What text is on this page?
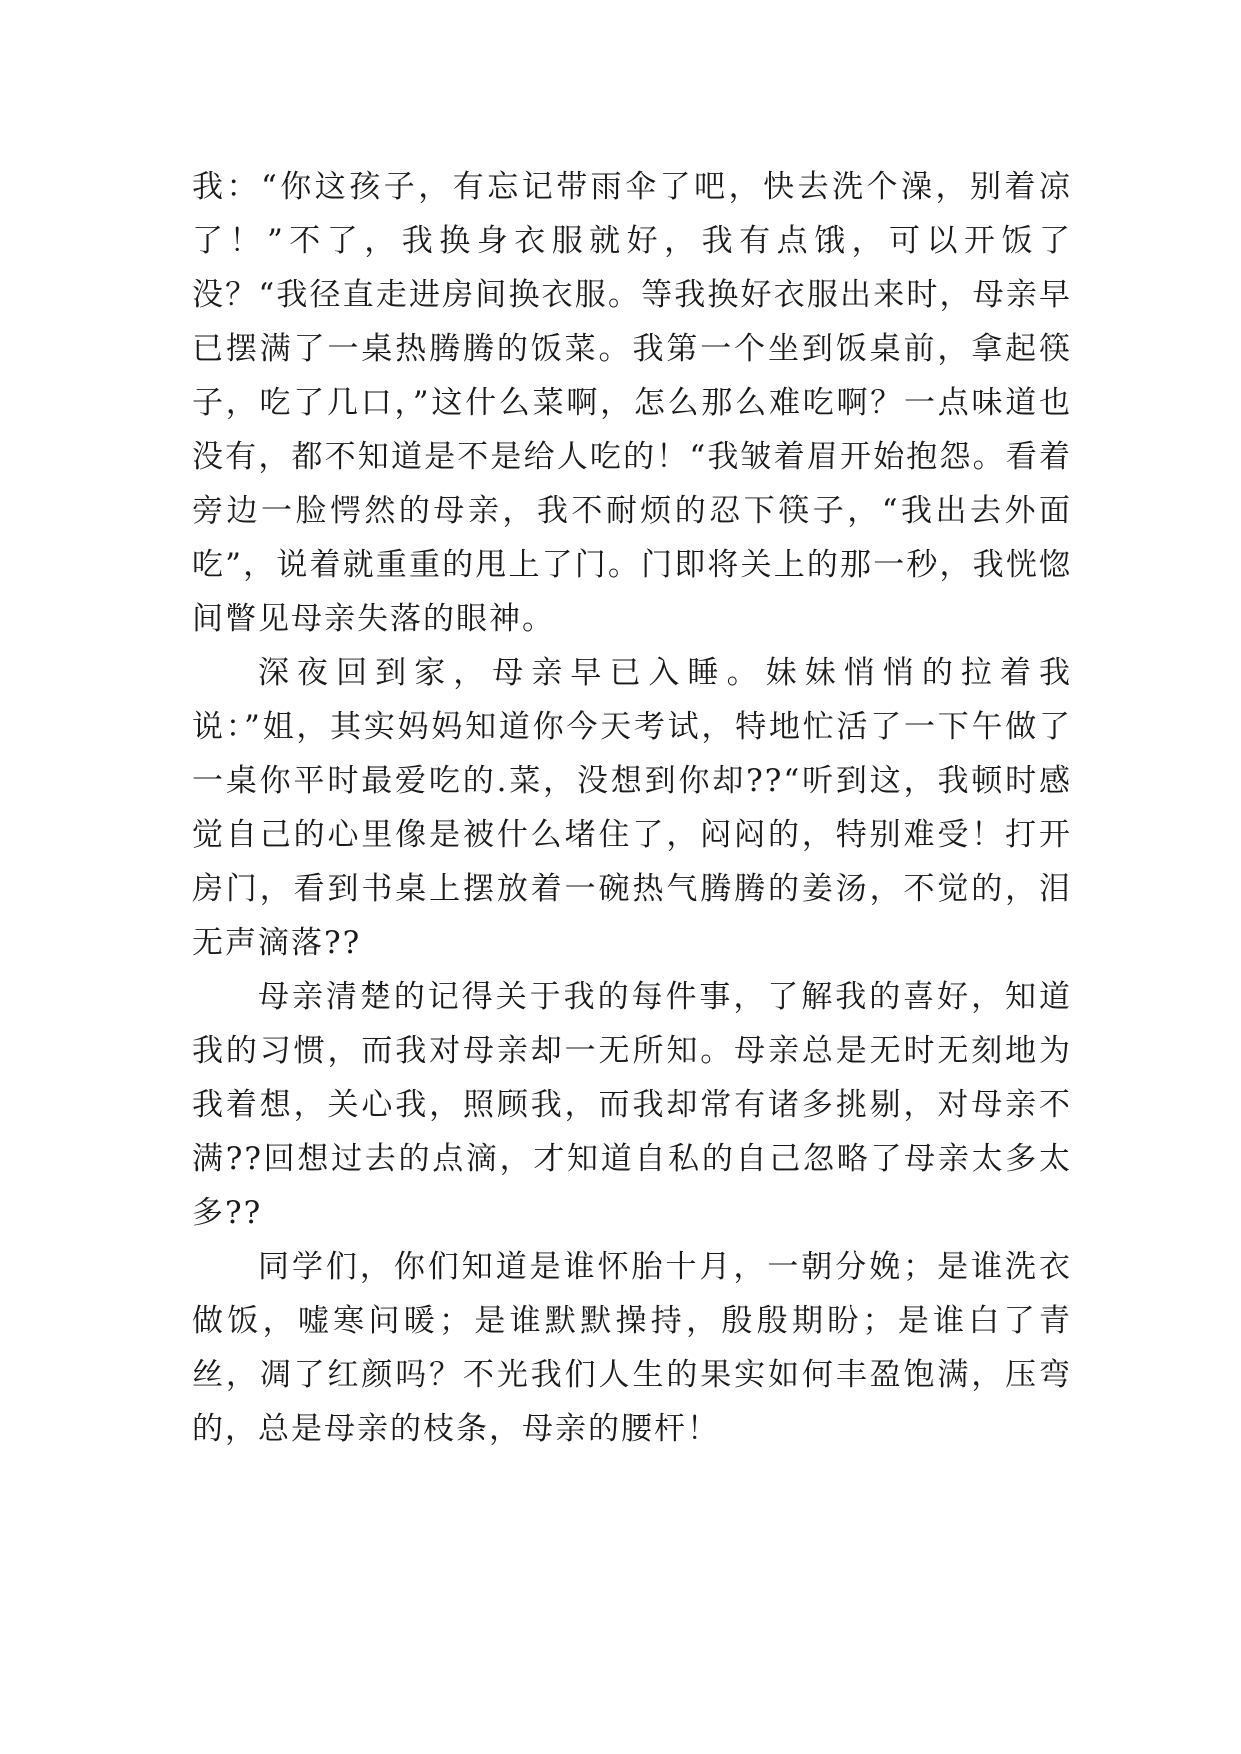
我：“你这孩子，有忘记带雨伞了吧，快去洗个澡，别着凉了！”不了，我换身衣服就好，我有点饿，可以开饭了没？“我径直走进房间换衣服。等我换好衣服出来时，母亲早已摆满了一桌热腾腾的饭菜。我第一个坐到饭桌前，拿起筷子，吃了几口，”这什么菜啊，怎么那么难吃啊？一点味道也没有，都不知道是不是给人吃的！“我皱着眉开始抱怨。看着旁边一脸愕然的母亲，我不耐烦的忍下筷子，“我出去外面吃”，说着就重重的甩上了门。门即将关上的那一秒，我恍惚间瞥见母亲失落的眼神。

深夜回到家，母亲早已入睡。妹妹悄悄的拉着我说：”姐，其实妈妈知道你今天考试，特地忙活了一下午做了一桌你平时最爱吃的.菜，没想到你却??“听到这，我顿时感觉自己的心里像是被什么堵住了，闷闷的，特别难受！打开房门，看到书桌上摆放着一碗热气腾腾的姜汤，不觉的，泪无声滴落??

母亲清楚的记得关于我的每件事，了解我的喜好，知道我的习惯，而我对母亲却一无所知。母亲总是无时无刻地为我着想，关心我，照顾我，而我却常有诸多挑剔，对母亲不满??回想过去的点滴，才知道自私的自己忽略了母亲太多太多??

同学们，你们知道是谁怀胎十月，一朝分娩；是谁洗衣做饭，嘘寒问暖；是谁默默操持，殷殷期盼；是谁白了青丝，凋了红颜吗？不光我们人生的果实如何丰盈饱满，压弯的，总是母亲的枝条，母亲的腰杆！
